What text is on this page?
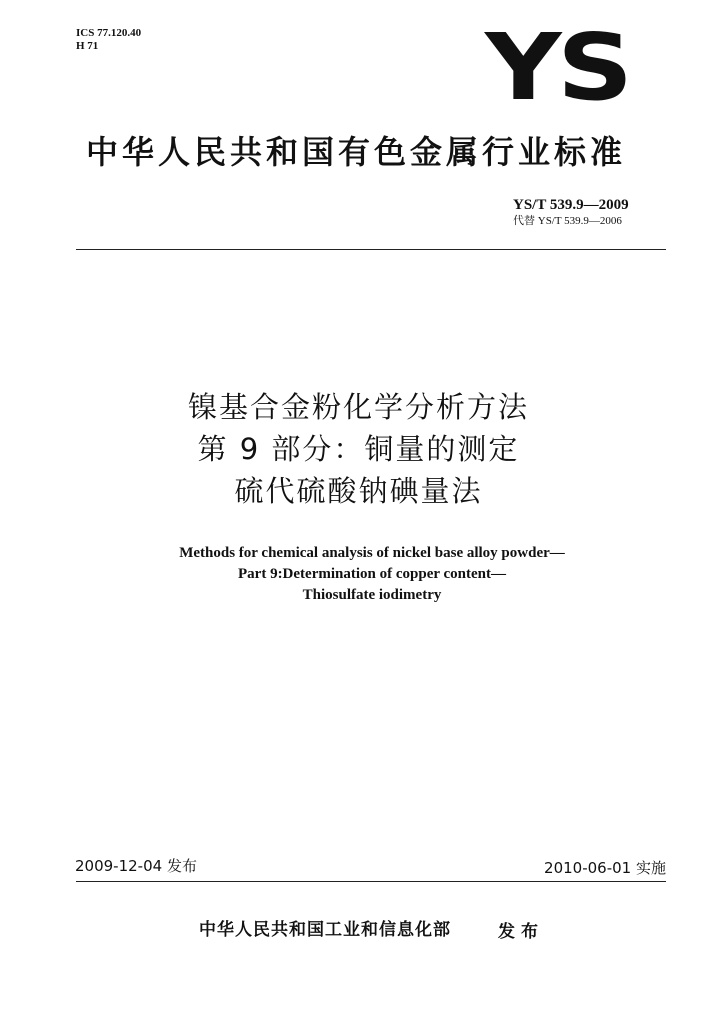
ICS 77.120.40
H 71	YS
中华人民共和国有色金属行业标准
YS/T 539.9—2009
代替 YS/T 539.9—2006
镍基合金粉化学分析方法
第 9 部分：铜量的测定
硫代硫酸钠碘量法
Methods for chemical analysis of nickel base alloy powder—
Part 9:Determination of copper content—
Thiosulfate iodimetry
2009-12-04 发布	2010-06-01 实施
中华人民共和国工业和信息化部	发布
